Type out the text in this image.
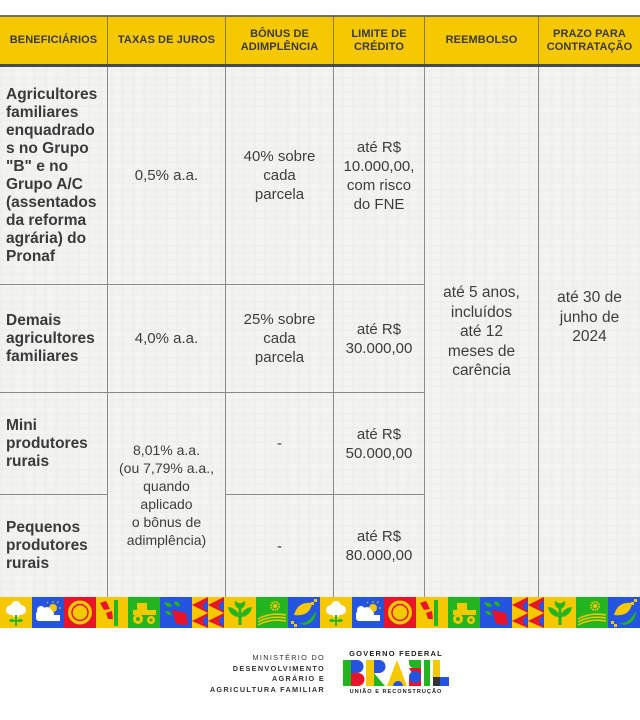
BENEFICIÁRIOS TAXAS DE JUROS
BÔNUS DE
ADIMPLÊNCIA
LIMITE DE
CRÉDITO
REEMBOLSO
PRAZO PARA
CONTRATAÇÃO
Agricultores
familiares
enquadrado
s no Grupo
"B" e no
Grupo A/C
(assentados
da reforma
agrária) do
Pronaf
0,5% a.a.
40% sobre
cada
parcela
até R$
10.000,00,
com risco
do FNE
Demais
agricultores
familiares
4,0% a.a.
25% sobre
cada
parcela
até R$
30.000,00
Mini
produtores
rurais
8,01% a.a.
(ou 7,79% a.a.,
quando
aplicado
o bônus de
adimplência)
-
até R$
50.000,00
Pequenos
produtores
rurais
-
até R$
80.000,00
até 5 anos,
incluídos
até 12
meses de
carência
até 30 de
junho de
2024
MINISTÉRIO DO
DESENVOLVIMENTO
AGRÁRIO E
AGRICULTURA FAMILIAR
GOVERNO FEDERAL
UNIÃO E RECONSTRUÇÃO
